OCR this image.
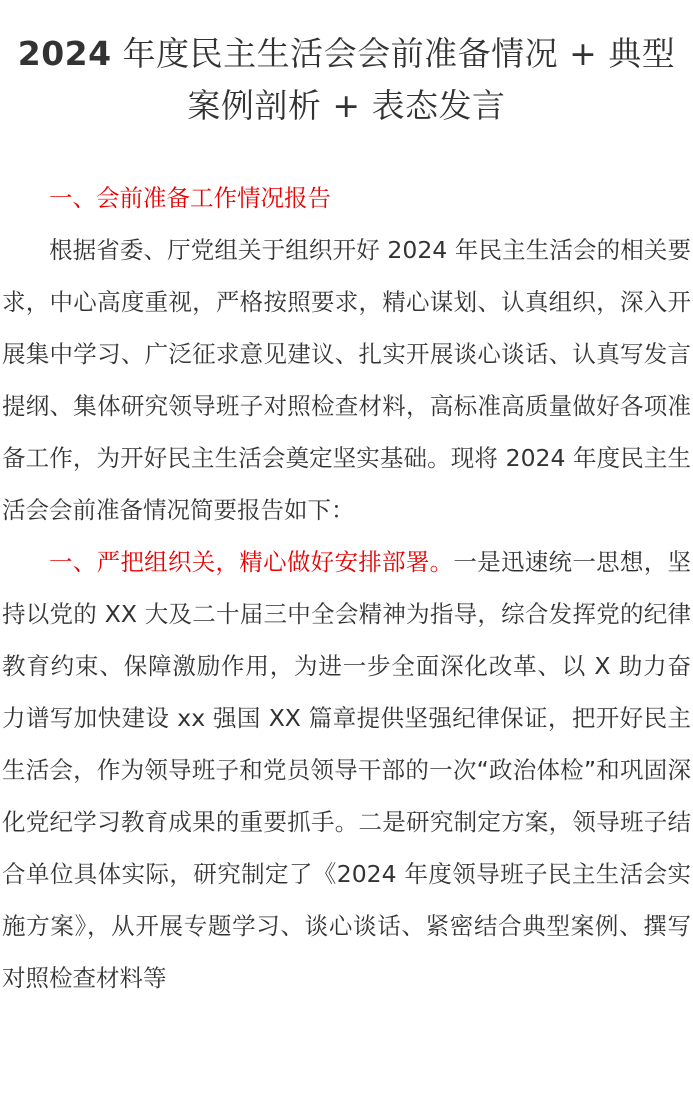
2024 年度民主生活会会前准备情况 + 典型案例剖析 + 表态发言

一、会前准备工作情况报告

根据省委、厅党组关于组织开好 2024 年民主生活会的相关要求，中心高度重视，严格按照要求，精心谋划、认真组织，深入开展集中学习、广泛征求意见建议、扎实开展谈心谈话、认真写发言提纲、集体研究领导班子对照检查材料，高标准高质量做好各项准备工作，为开好民主生活会奠定坚实基础。现将 2024 年度民主生活会会前准备情况简要报告如下：

一、严把组织关，精心做好安排部署。一是迅速统一思想，坚持以党的 XX 大及二十届三中全会精神为指导，综合发挥党的纪律教育约束、保障激励作用，为进一步全面深化改革、以 X 助力奋力谱写加快建设 xx 强国 XX 篇章提供坚强纪律保证，把开好民主生活会，作为领导班子和党员领导干部的一次“政治体检”和巩固深化党纪学习教育成果的重要抓手。二是研究制定方案，领导班子结合单位具体实际，研究制定了《2024 年度领导班子民主生活会实施方案》，从开展专题学习、谈心谈话、紧密结合典型案例、撰写对照检查材料等
